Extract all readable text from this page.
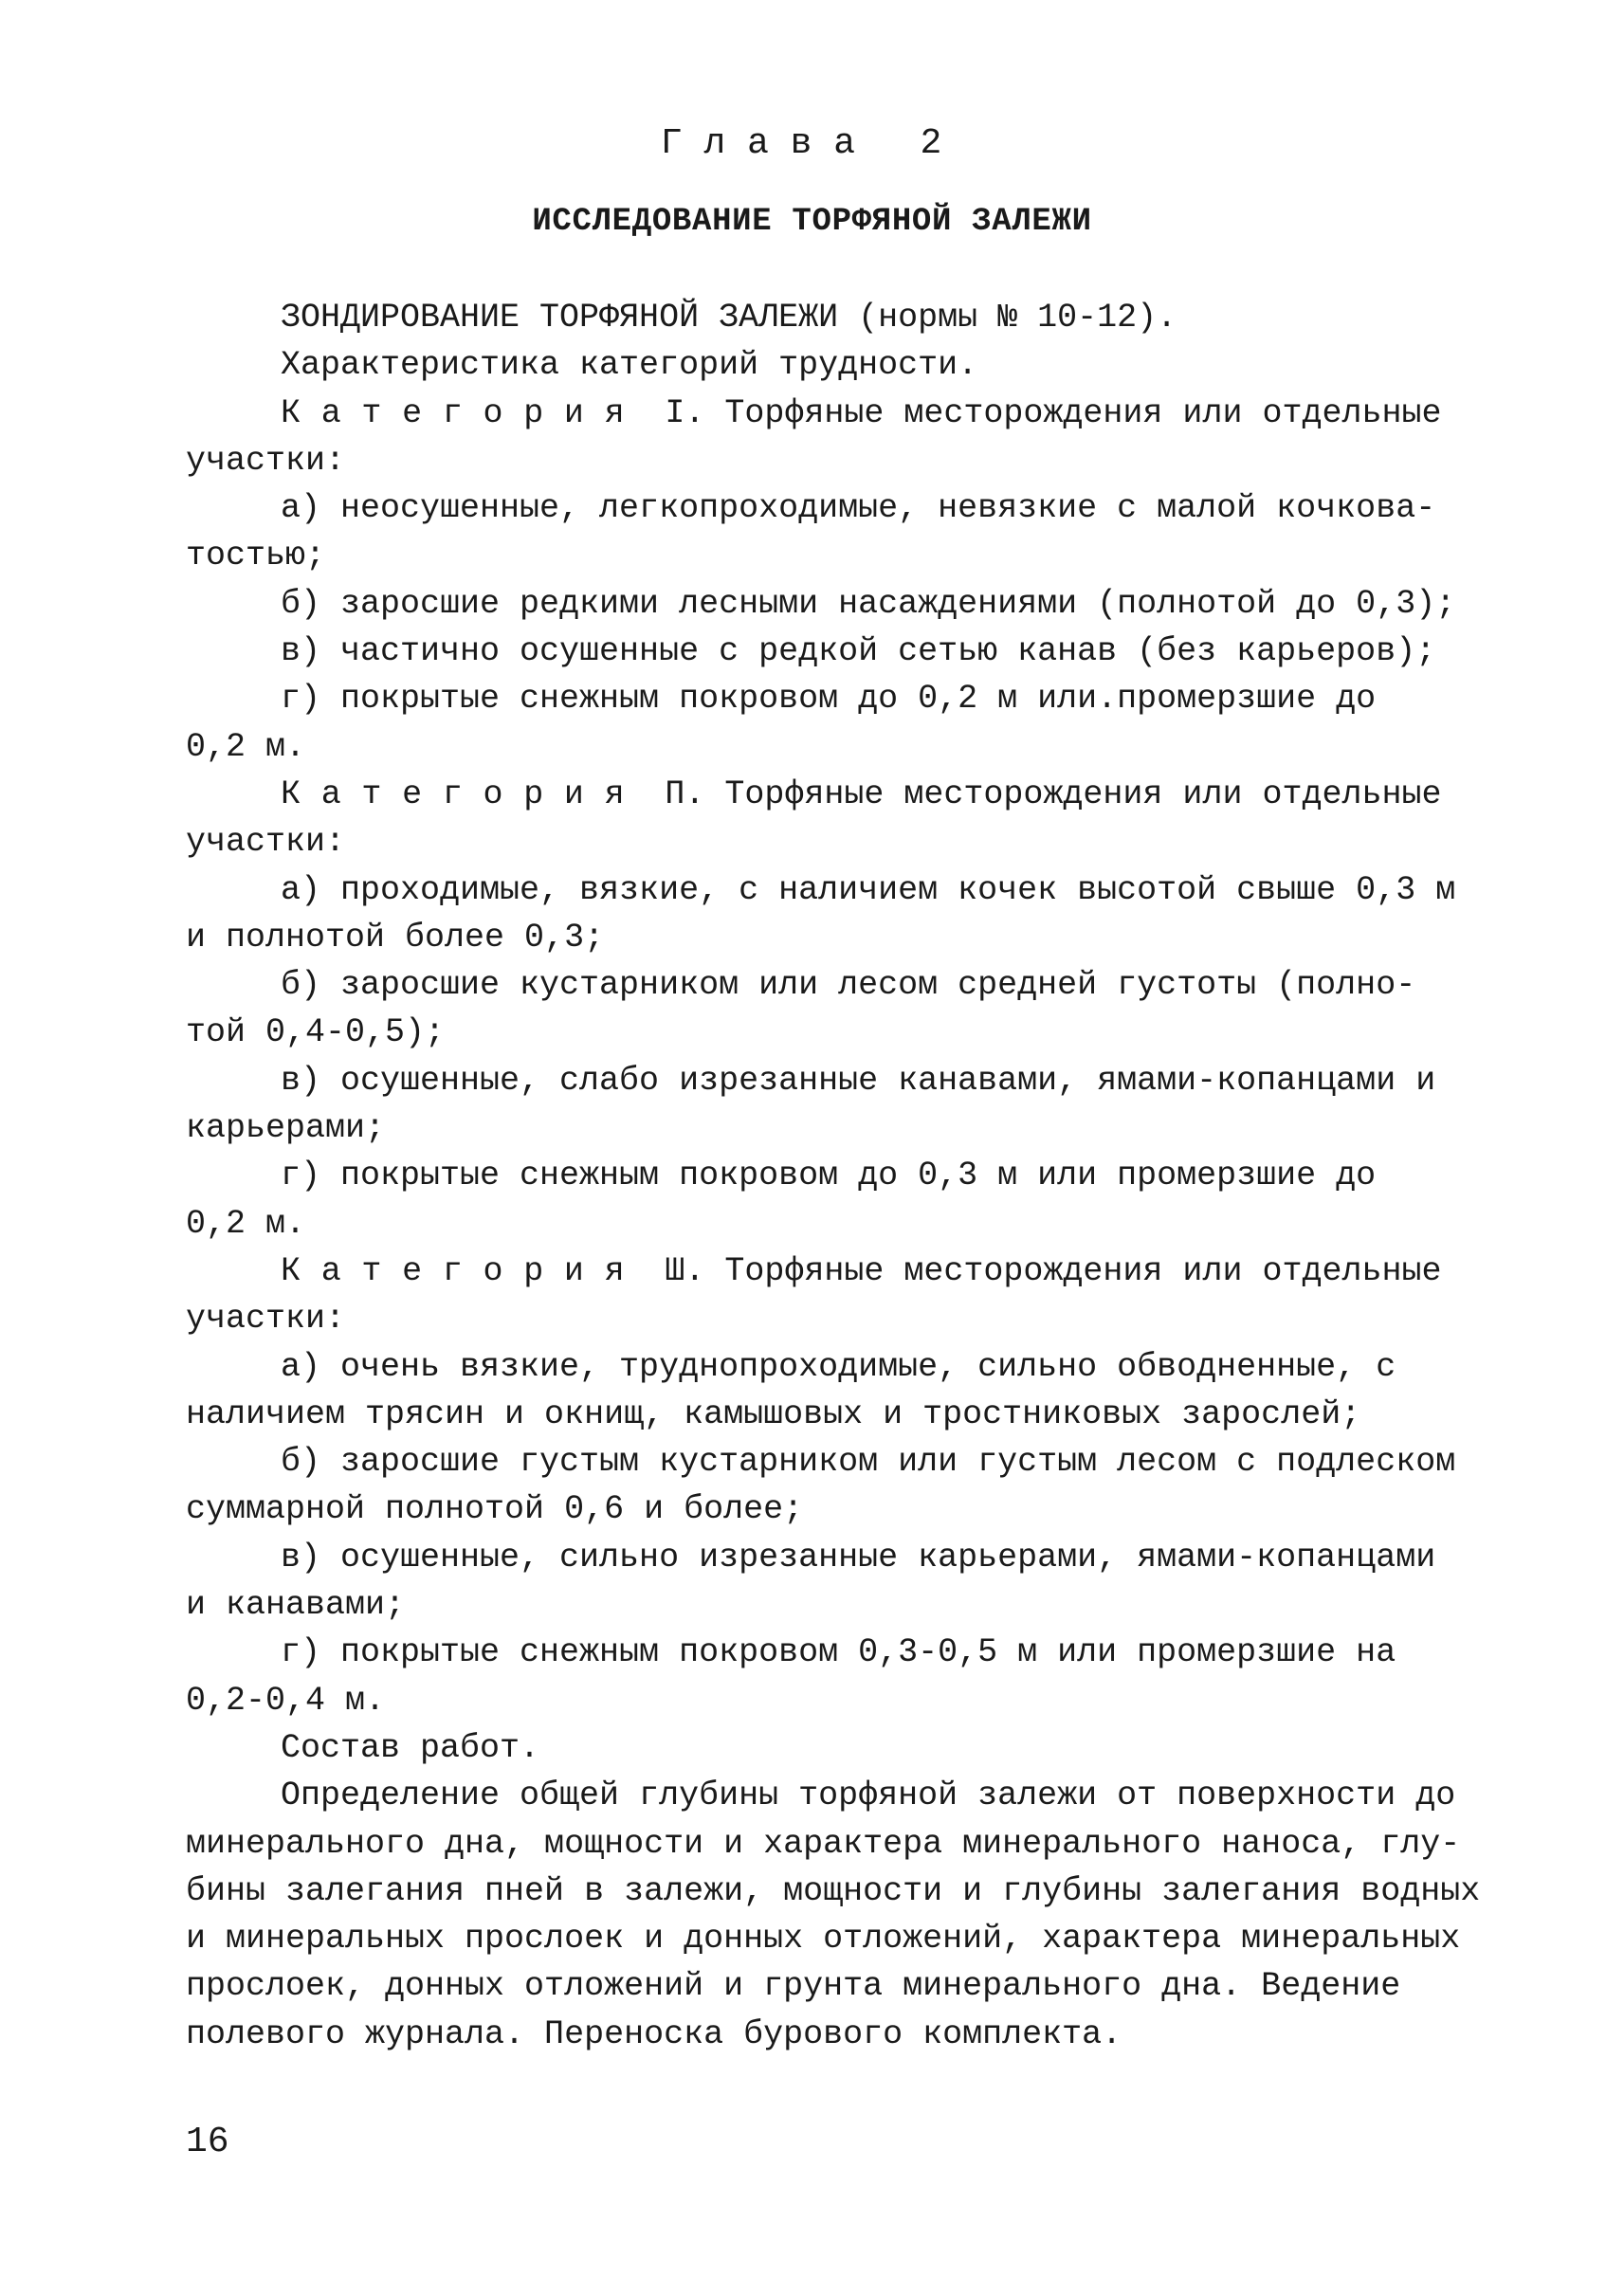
Глава 2
ИССЛЕДОВАНИЕ ТОРФЯНОЙ ЗАЛЕЖИ
ЗОНДИРОВАНИЕ ТОРФЯНОЙ ЗАЛЕЖИ (нормы № 10-12).
Характеристика категорий трудности.
Категория I. Торфяные месторождения или отдельные
участки:
а) неосушенные, легкопроходимые, невязкие с малой кочковa-
тостью;
б) заросшие редкими лесными насаждениями (полнотой до 0,3);
в) частично осушенные с редкой сетью канав (без карьеров);
г) покрытые снежным покровом до 0,2 м или.промерзшие до
0,2 м.
Категория П. Торфяные месторождения или отдельные
участки:
а) проходимые, вязкие, с наличием кочек высотой свыше 0,3 м
и полнотой более 0,3;
б) заросшие кустарником или лесом средней густоты (полно-
той 0,4-0,5);
в) осушенные, слабо изрезанные канавами, ямами-копанцами и
карьерами;
г) покрытые снежным покровом до 0,3 м или промерзшие до
0,2 м.
Категория Ш. Торфяные месторождения или отдельные
участки:
а) очень вязкие, труднопроходимые, сильно обводненные, с
наличием трясин и окнищ, камышовых и тростниковых зарослей;
б) заросшие густым кустарником или густым лесом с подлеском
суммарной полнотой 0,6 и более;
в) осушенные, сильно изрезанные карьерами, ямами-копанцами
и канавами;
г) покрытые снежным покровом 0,3-0,5 м или промерзшие на
0,2-0,4 м.
Состав работ.
Определение общей глубины торфяной залежи от поверхности до
минерального дна, мощности и характера минерального наноса, глу-
бины залегания пней в залежи, мощности и глубины залегания водных
и минеральных прослоек и донных отложений, характера минеральных
прослоек, донных отложений и грунта минерального дна. Ведение
полевого журнала. Переноска бурового комплекта.
16
